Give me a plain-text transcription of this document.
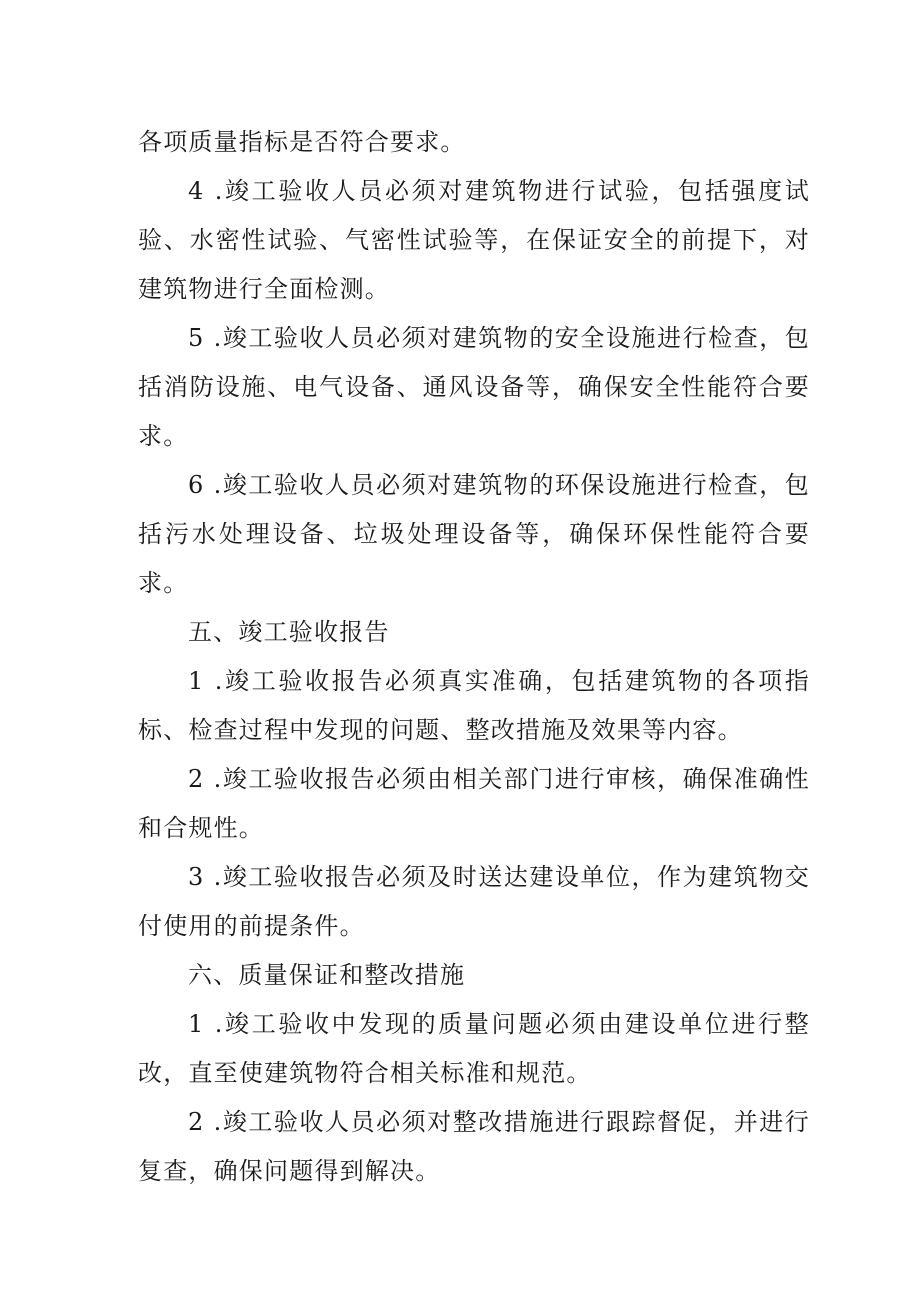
各项质量指标是否符合要求。

4 .竣工验收人员必须对建筑物进行试验，包括强度试验、水密性试验、气密性试验等，在保证安全的前提下，对建筑物进行全面检测。

5 .竣工验收人员必须对建筑物的安全设施进行检查，包括消防设施、电气设备、通风设备等，确保安全性能符合要求。

6 .竣工验收人员必须对建筑物的环保设施进行检查，包括污水处理设备、垃圾处理设备等，确保环保性能符合要求。

五、竣工验收报告

1 .竣工验收报告必须真实准确，包括建筑物的各项指标、检查过程中发现的问题、整改措施及效果等内容。

2 .竣工验收报告必须由相关部门进行审核，确保准确性和合规性。

3 .竣工验收报告必须及时送达建设单位，作为建筑物交付使用的前提条件。

六、质量保证和整改措施

1 .竣工验收中发现的质量问题必须由建设单位进行整改，直至使建筑物符合相关标准和规范。

2 .竣工验收人员必须对整改措施进行跟踪督促，并进行复查，确保问题得到解决。
